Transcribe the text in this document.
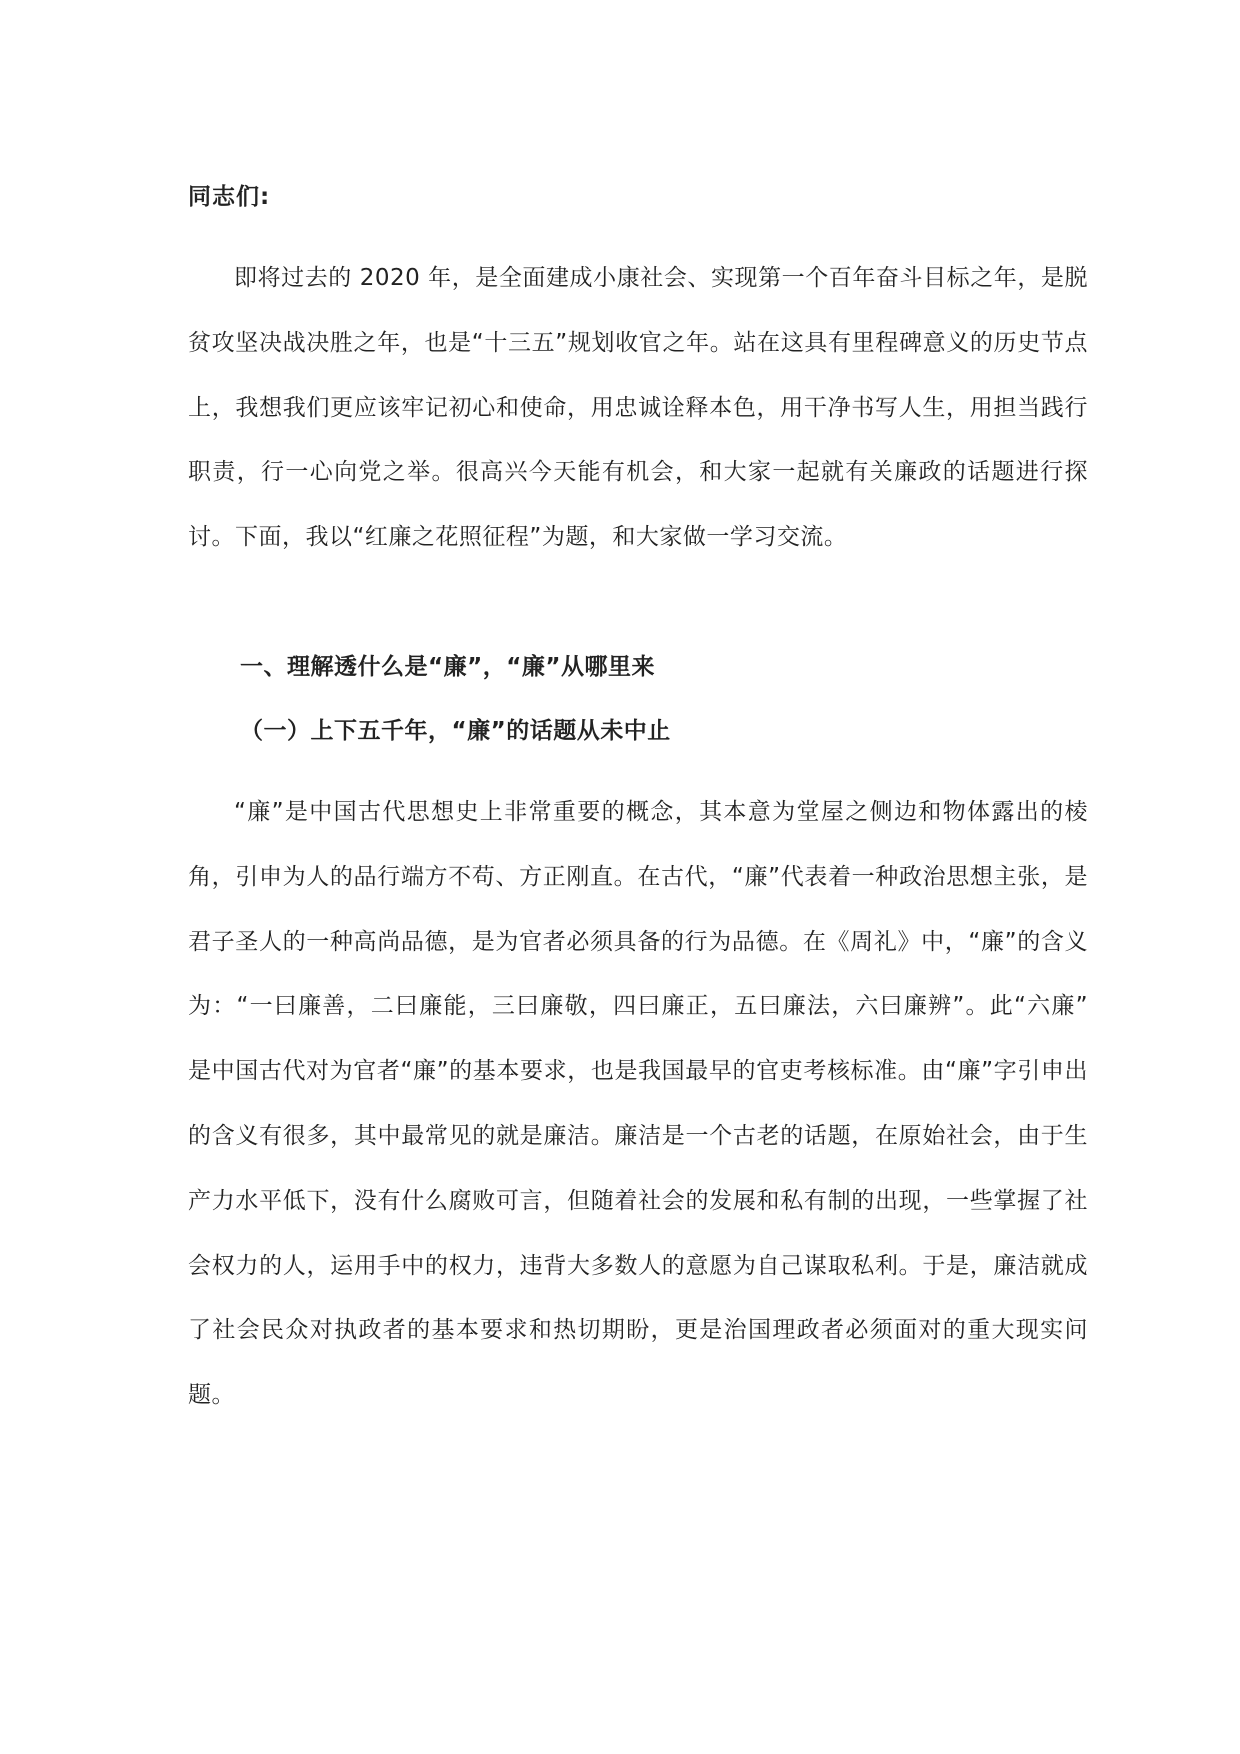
同志们:

即将过去的 2020 年，是全面建成小康社会、实现第一个百年奋斗目标之年，是脱贫攻坚决战决胜之年，也是“十三五”规划收官之年。站在这具有里程碑意义的历史节点上，我想我们更应该牢记初心和使命，用忠诚诠释本色，用干净书写人生，用担当践行职责，行一心向党之举。很高兴今天能有机会，和大家一起就有关廉政的话题进行探讨。下面，我以“红廉之花照征程”为题，和大家做一学习交流。

一、理解透什么是“廉”，“廉”从哪里来

（一）上下五千年，“廉”的话题从未中止

“廉”是中国古代思想史上非常重要的概念，其本意为堂屋之侧边和物体露出的棱角，引申为人的品行端方不苟、方正刚直。在古代，“廉”代表着一种政治思想主张，是君子圣人的一种高尚品德，是为官者必须具备的行为品德。在《周礼》中，“廉”的含义为：“一曰廉善，二曰廉能，三曰廉敬，四曰廉正，五曰廉法，六曰廉辨”。此“六廉” 是中国古代对为官者“廉”的基本要求，也是我国最早的官吏考核标准。由“廉”字引申出的含义有很多，其中最常见的就是廉洁。廉洁是一个古老的话题，在原始社会，由于生产力水平低下，没有什么腐败可言，但随着社会的发展和私有制的出现，一些掌握了社会权力的人，运用手中的权力，违背大多数人的意愿为自己谋取私利。于是，廉洁就成了社会民众对执政者的基本要求和热切期盼，更是治国理政者必须面对的重大现实问题。
